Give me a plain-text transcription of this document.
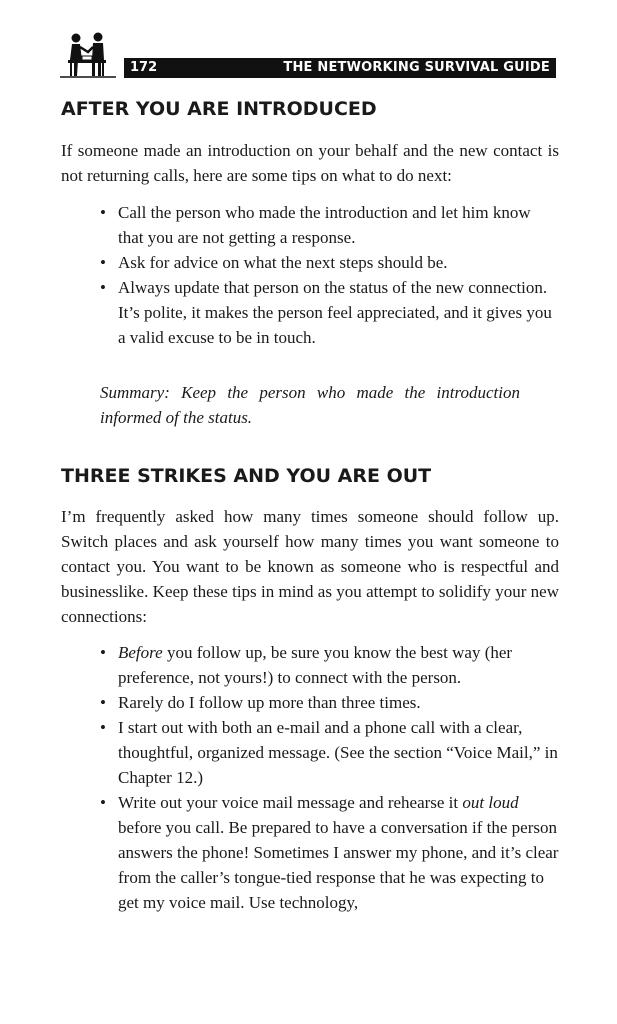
172	THE NETWORKING SURVIVAL GUIDE
AFTER YOU ARE INTRODUCED

If someone made an introduction on your behalf and the new contact is not returning calls, here are some tips on what to do next:

• Call the person who made the introduction and let him know that you are not getting a response.
• Ask for advice on what the next steps should be.
• Always update that person on the status of the new connection. It’s polite, it makes the person feel appreciated, and it gives you a valid excuse to be in touch.

Summary: Keep the person who made the introduction informed of the status.

THREE STRIKES AND YOU ARE OUT

I’m frequently asked how many times someone should follow up. Switch places and ask yourself how many times you want someone to contact you. You want to be known as someone who is respectful and businesslike. Keep these tips in mind as you attempt to solidify your new connections:

• Before you follow up, be sure you know the best way (her preference, not yours!) to connect with the person.
• Rarely do I follow up more than three times.
• I start out with both an e-mail and a phone call with a clear, thoughtful, organized message. (See the section “Voice Mail,” in Chapter 12.)
• Write out your voice mail message and rehearse it out loud before you call. Be prepared to have a conversation if the person answers the phone! Sometimes I answer my phone, and it’s clear from the caller’s tongue-tied response that he was expecting to get my voice mail. Use technology,
